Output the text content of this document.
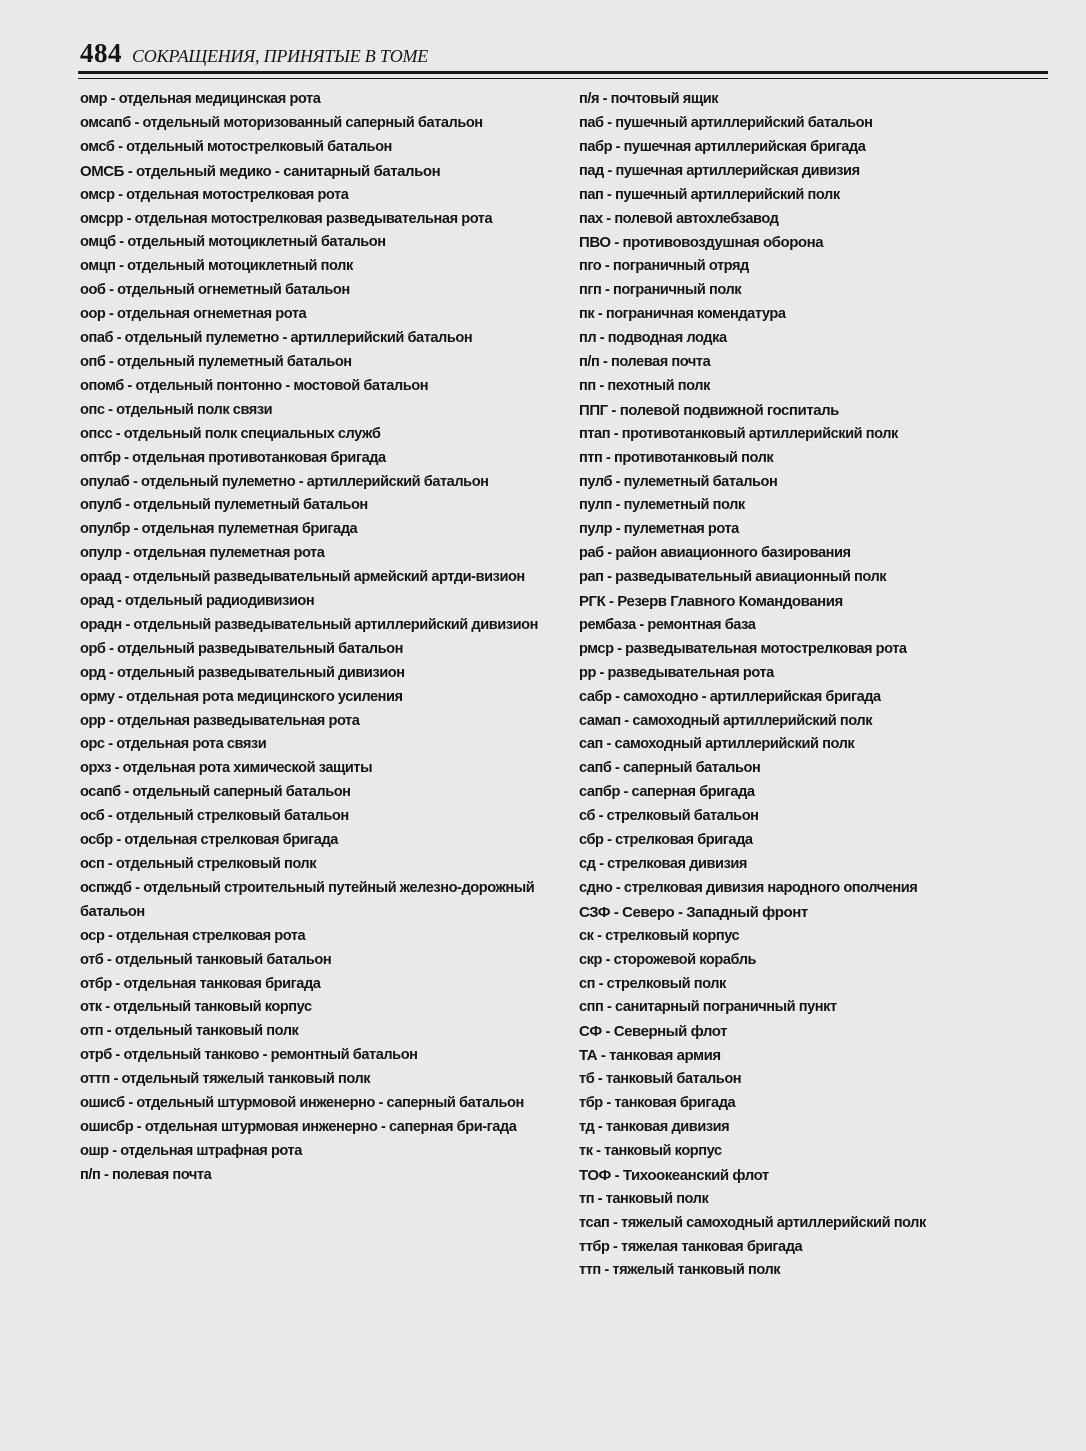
484 СОКРАЩЕНИЯ, ПРИНЯТЫЕ В ТОМЕ
омр - отдельная медицинская рота
омсапб - отдельный моторизованный саперный батальон
омсб - отдельный мотострелковый батальон
ОМСБ - отдельный медико - санитарный батальон
омср - отдельная мотострелковая рота
омсрр - отдельная мотострелковая разведывательная рота
омцб - отдельный мотоциклетный батальон
омцп - отдельный мотоциклетный полк
ооб - отдельный огнеметный батальон
оор - отдельная огнеметная рота
опаб - отдельный пулеметно - артиллерийский батальон
опб - отдельный пулеметный батальон
опомб - отдельный понтонно - мостовой батальон
опс - отдельный полк связи
опсс - отдельный полк специальных служб
оптбр - отдельная противотанковая бригада
опулаб - отдельный пулеметно - артиллерийский батальон
опулб - отдельный пулеметный батальон
опулбр - отдельная пулеметная бригада
опулр - отдельная пулеметная рота
ораад - отдельный разведывательный армейский артди-визион
орад - отдельный радиодивизион
орадн - отдельный разведывательный артиллерийский дивизион
орб - отдельный разведывательный батальон
орд - отдельный разведывательный дивизион
орму - отдельная рота медицинского усиления
орр - отдельная разведывательная рота
орс - отдельная рота связи
орхз - отдельная рота химической защиты
осапб - отдельный саперный батальон
осб - отдельный стрелковый батальон
осбр - отдельная стрелковая бригада
осп - отдельный стрелковый полк
оспждб - отдельный строительный путейный железно-дорожный батальон
оср - отдельная стрелковая рота
отб - отдельный танковый батальон
отбр - отдельная танковая бригада
отк - отдельный танковый корпус
отп - отдельный танковый полк
отрб - отдельный танково - ремонтный батальон
оттп - отдельный тяжелый танковый полк
ошисб - отдельный штурмовой инженерно - саперный батальон
ошисбр - отдельная штурмовая инженерно - саперная бри-гада
ошр - отдельная штрафная рота
п/п - полевая почта
п/я - почтовый ящик
паб - пушечный артиллерийский батальон
пабр - пушечная артиллерийская бригада
пад - пушечная артиллерийская дивизия
пап - пушечный артиллерийский полк
пах - полевой автохлебзавод
ПВО - противовоздушная оборона
пго - пограничный отряд
пгп - пограничный полк
пк - пограничная комендатура
пл - подводная лодка
п/п - полевая почта
пп - пехотный полк
ППГ - полевой подвижной госпиталь
птап - противотанковый артиллерийский полк
птп - противотанковый полк
пулб - пулеметный батальон
пулп - пулеметный полк
пулр - пулеметная рота
раб - район авиационного базирования
рап - разведывательный авиационный полк
РГК - Резерв Главного Командования
рембаза - ремонтная база
рмср - разведывательная мотострелковая рота
рр - разведывательная рота
сабр - самоходно - артиллерийская бригада
самап - самоходный артиллерийский полк
сап - самоходный артиллерийский полк
сапб - саперный батальон
сапбр - саперная бригада
сб - стрелковый батальон
сбр - стрелковая бригада
сд - стрелковая дивизия
сдно - стрелковая дивизия народного ополчения
СЗФ - Северо - Западный фронт
ск - стрелковый корпус
скр - сторожевой корабль
сп - стрелковый полк
спп - санитарный пограничный пункт
СФ - Северный флот
ТА - танковая армия
тб - танковый батальон
тбр - танковая бригада
тд - танковая дивизия
тк - танковый корпус
ТОФ - Тихоокеанский флот
тп - танковый полк
тсап - тяжелый самоходный артиллерийский полк
ттбр - тяжелая танковая бригада
ттп - тяжелый танковый полк
